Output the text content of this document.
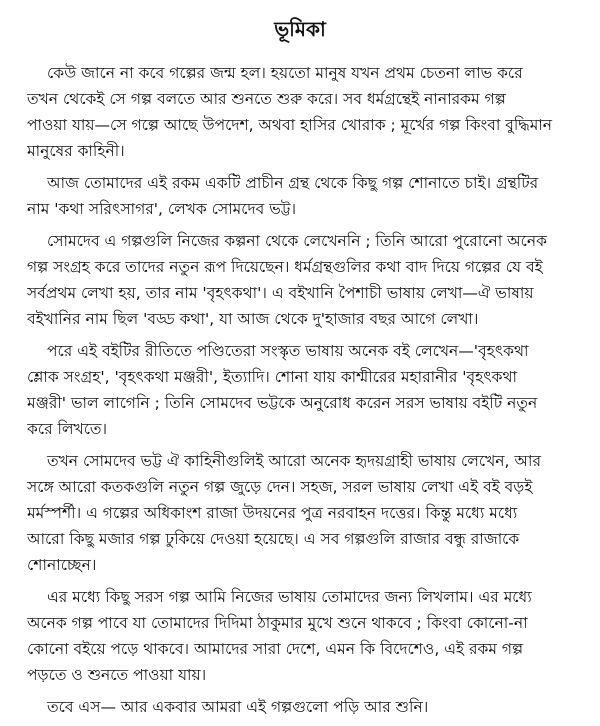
ভূমিকা

কেউ জানে না কবে গল্পের জন্ম হল। হয়তো মানুষ যখন প্রথম চেতনা লাভ করে
তখন থেকেই সে গল্প বলতে আর শুনতে শুরু করে। সব ধর্মগ্রন্থেই নানারকম গল্প
পাওয়া যায়—সে গল্পে আছে উপদেশ, অথবা হাসির খোরাক ; মূর্খের গল্প কিংবা বুদ্ধিমান
মানুষের কাহিনী।

আজ তোমাদের এই রকম একটি প্রাচীন গ্রন্থ থেকে কিছু গল্প শোনাতে চাই। গ্রন্থটির
নাম 'কথা সরিৎসাগর', লেখক সোমদেব ভট্ট।

সোমদেব এ গল্পগুলি নিজের কল্পনা থেকে লেখেননি ; তিনি আরো পুরোনো অনেক
গল্প সংগ্রহ করে তাদের নতুন রূপ দিয়েছেন। ধর্মগ্রন্থগুলির কথা বাদ দিয়ে গল্পের যে বই
সর্বপ্রথম লেখা হয়, তার নাম 'বৃহৎকথা'। এ বইখানি পৈশাচী ভাষায় লেখা—ঐ ভাষায়
বইখানির নাম ছিল 'বড্ড কথা', যা আজ থেকে দু'হাজার বছর আগে লেখা।

পরে এই বইটির রীতিতে পণ্ডিতেরা সংস্কৃত ভাষায় অনেক বই লেখেন—'বৃহৎকথা
শ্লোক সংগ্রহ', 'বৃহৎকথা মঞ্জরী', ইত্যাদি। শোনা যায় কাশ্মীরের মহারানীর 'বৃহৎকথা
মঞ্জরী' ভাল লাগেনি ; তিনি সোমদেব ভট্টকে অনুরোধ করেন সরস ভাষায় বইটি নতুন
করে লিখতে।

তখন সোমদেব ভট্ট ঐ কাহিনীগুলিই আরো অনেক হৃদয়গ্রাহী ভাষায় লেখেন, আর
সঙ্গে আরো কতকগুলি নতুন গল্প জুড়ে দেন। সহজ, সরল ভাষায় লেখা এই বই বড়ই
মর্মস্পর্শী। এ গল্পের অধিকাংশ রাজা উদয়নের পুত্র নরবাহন দত্তের। কিন্তু মধ্যে মধ্যে
আরো কিছু মজার গল্প ঢুকিয়ে দেওয়া হয়েছে। এ সব গল্পগুলি রাজার বন্ধু রাজাকে
শোনাচ্ছেন।

এর মধ্যে কিছু সরস গল্প আমি নিজের ভাষায় তোমাদের জন্য লিখলাম। এর মধ্যে
অনেক গল্প পাবে যা তোমাদের দিদিমা ঠাকুমার মুখে শুনে থাকবে ; কিংবা কোনো-না
কোনো বইয়ে পড়ে থাকবে। আমাদের সারা দেশে, এমন কি বিদেশেও, এই রকম গল্প
পড়তে ও শুনতে পাওয়া যায়।

তবে এস— আর একবার আমরা এই গল্পগুলো পড়ি আর শুনি।
